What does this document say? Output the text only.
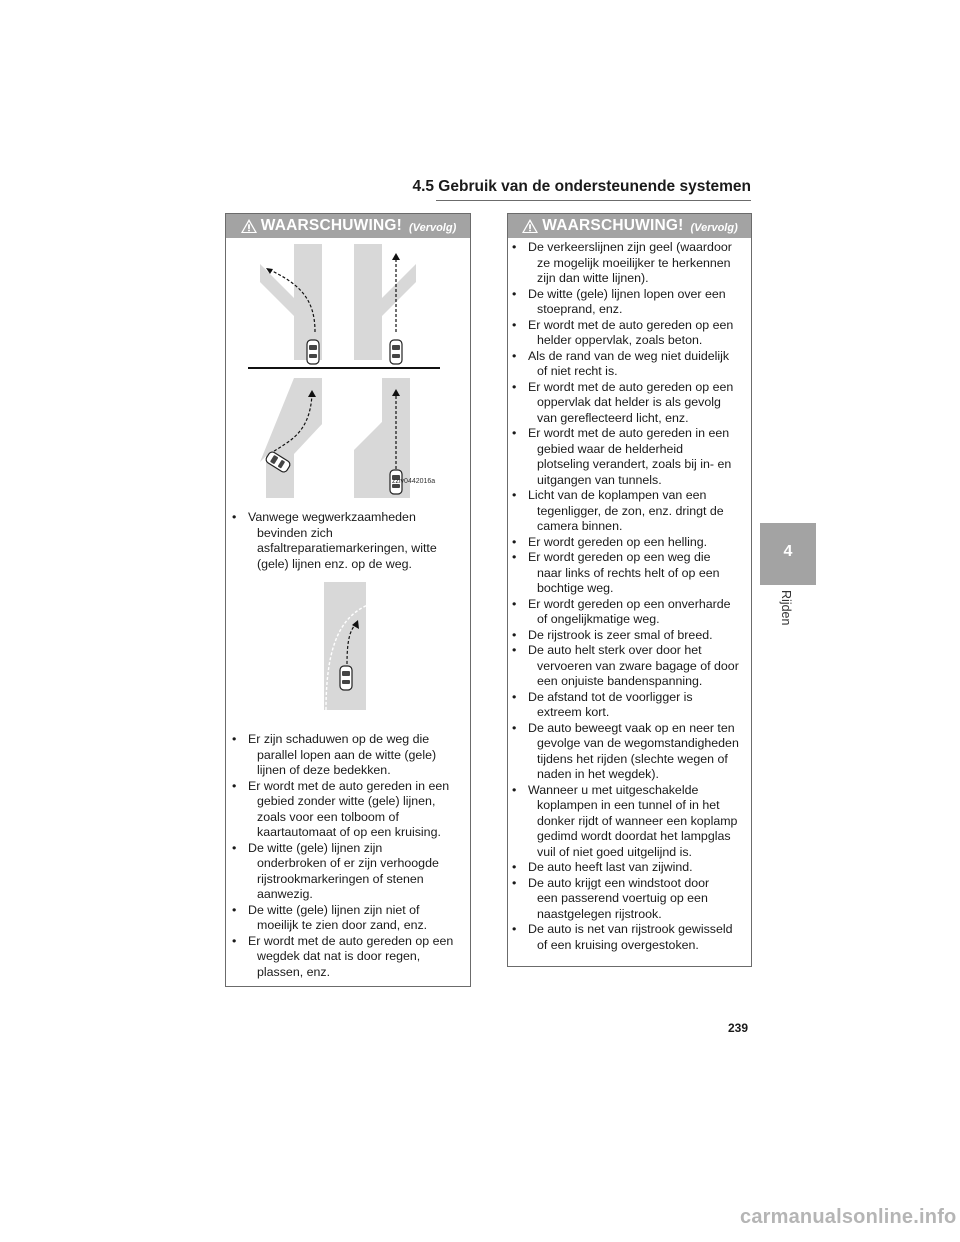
4.5 Gebruik van de ondersteunende systemen
WAARSCHUWING! (Vervolg)
zziv0442016a
• Vanwege wegwerkzaamheden
bevinden zich
asfaltreparatiemarkeringen, witte
(gele) lijnen enz. op de weg.
• Er zijn schaduwen op de weg die
parallel lopen aan de witte (gele)
lijnen of deze bedekken.
• Er wordt met de auto gereden in een
gebied zonder witte (gele) lijnen,
zoals voor een tolboom of
kaartautomaat of op een kruising.
• De witte (gele) lijnen zijn
onderbroken of er zijn verhoogde
rijstrookmarkeringen of stenen
aanwezig.
• De witte (gele) lijnen zijn niet of
moeilijk te zien door zand, enz.
• Er wordt met de auto gereden op een
wegdek dat nat is door regen,
plassen, enz.
WAARSCHUWING! (Vervolg)
• De verkeerslijnen zijn geel (waardoor
ze mogelijk moeilijker te herkennen
zijn dan witte lijnen).
• De witte (gele) lijnen lopen over een
stoeprand, enz.
• Er wordt met de auto gereden op een
helder oppervlak, zoals beton.
• Als de rand van de weg niet duidelijk
of niet recht is.
• Er wordt met de auto gereden op een
oppervlak dat helder is als gevolg
van gereflecteerd licht, enz.
• Er wordt met de auto gereden in een
gebied waar de helderheid
plotseling verandert, zoals bij in- en
uitgangen van tunnels.
• Licht van de koplampen van een
tegenligger, de zon, enz. dringt de
camera binnen.
• Er wordt gereden op een helling.
• Er wordt gereden op een weg die
naar links of rechts helt of op een
bochtige weg.
• Er wordt gereden op een onverharde
of ongelijkmatige weg.
• De rijstrook is zeer smal of breed.
• De auto helt sterk over door het
vervoeren van zware bagage of door
een onjuiste bandenspanning.
• De afstand tot de voorligger is
extreem kort.
• De auto beweegt vaak op en neer ten
gevolge van de wegomstandigheden
tijdens het rijden (slechte wegen of
naden in het wegdek).
• Wanneer u met uitgeschakelde
koplampen in een tunnel of in het
donker rijdt of wanneer een koplamp
gedimd wordt doordat het lampglas
vuil of niet goed uitgelijnd is.
• De auto heeft last van zijwind.
• De auto krijgt een windstoot door
een passerend voertuig op een
naastgelegen rijstrook.
• De auto is net van rijstrook gewisseld
of een kruising overgestoken.
4
Rijden
239
carmanualsonline.info
